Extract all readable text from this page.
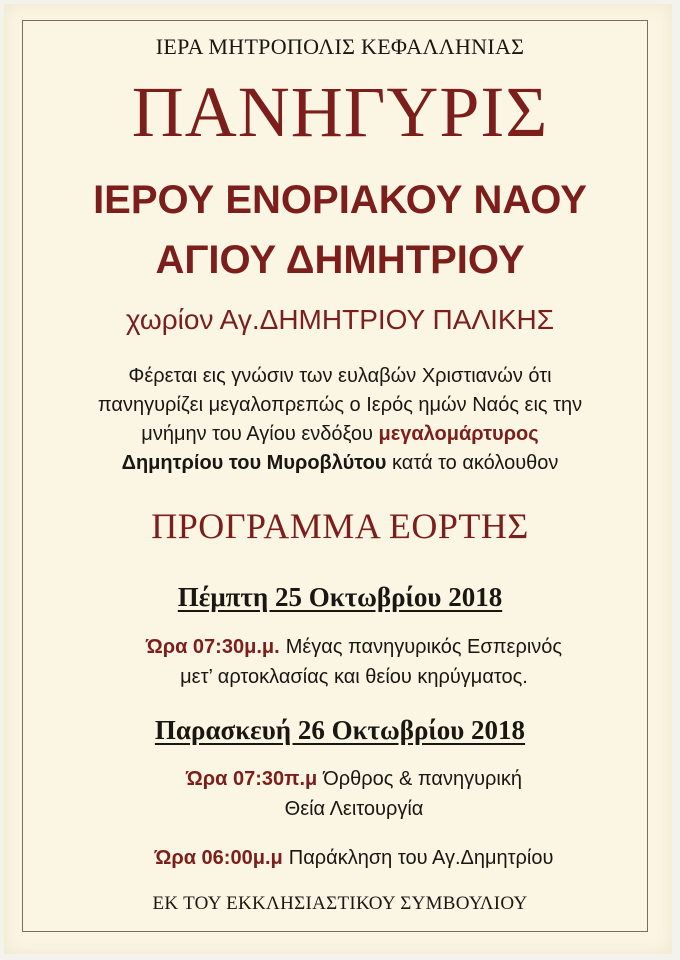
ΙΕΡΑ ΜΗΤΡΟΠΟΛΙΣ ΚΕΦΑΛΛΗΝΙΑΣ
ΠΑΝΗΓΥΡΙΣ
ΙΕΡΟΥ ΕΝΟΡΙΑΚΟΥ ΝΑΟΥ
ΑΓΙΟΥ ΔΗΜΗΤΡΙΟΥ
χωρίον Αγ.ΔΗΜΗΤΡΙΟΥ ΠΑΛΙΚΗΣ
Φέρεται εις γνώσιν των ευλαβών Χριστιανών ότι
πανηγυρίζει μεγαλοπρεπώς ο Ιερός ημών Ναός εις την
μνήμην του Αγίου ενδόξου μεγαλομάρτυρος
Δημητρίου του Μυροβλύτου κατά το ακόλουθον
ΠΡΟΓΡΑΜΜΑ ΕΟΡΤΗΣ
Πέμπτη 25 Οκτωβρίου 2018
Ώρα 07:30μ.μ. Μέγας πανηγυρικός Εσπερινός
μετ’ αρτοκλασίας και θείου κηρύγματος.
Παρασκευή 26 Οκτωβρίου 2018
Ώρα 07:30π.μ Όρθρος & πανηγυρική
Θεία Λειτουργία
Ώρα 06:00μ.μ Παράκληση του Αγ.Δημητρίου
ΕΚ ΤΟΥ ΕΚΚΛΗΣΙΑΣΤΙΚΟΥ ΣΥΜΒΟΥΛΙΟΥ
